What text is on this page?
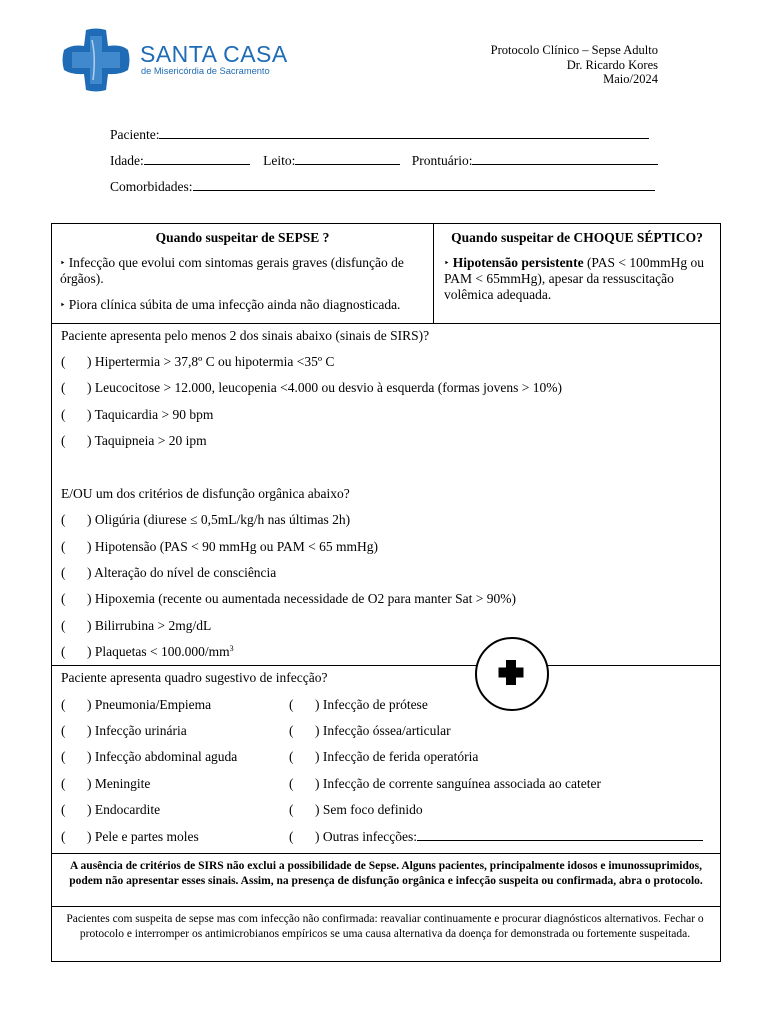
SANTA CASA
de Misericórdia de Sacramento
Protocolo Clínico – Sepse Adulto
Dr. Ricardo Kores
Maio/2024
Paciente:
Idade:	Leito:	Prontuário:
Comorbidades:
Quando suspeitar de SEPSE ?
‣ Infecção que evolui com sintomas gerais graves (disfunção de órgãos).
‣ Piora clínica súbita de uma infecção ainda não diagnosticada.
Quando suspeitar de CHOQUE SÉPTICO?
‣ Hipotensão persistente (PAS < 100mmHg ou PAM < 65mmHg), apesar da ressuscitação volêmica adequada.
Paciente apresenta pelo menos 2 dos sinais abaixo (sinais de SIRS)?
( ) Hipertermia > 37,8º C ou hipotermia <35º C
( ) Leucocitose > 12.000, leucopenia <4.000 ou desvio à esquerda (formas jovens > 10%)
( ) Taquicardia > 90 bpm
( ) Taquipneia > 20 ipm
E/OU um dos critérios de disfunção orgânica abaixo?
( ) Oligúria (diurese ≤ 0,5mL/kg/h nas últimas 2h)
( ) Hipotensão (PAS < 90 mmHg ou PAM < 65 mmHg)
( ) Alteração do nível de consciência
( ) Hipoxemia (recente ou aumentada necessidade de O2 para manter Sat > 90%)
( ) Bilirrubina > 2mg/dL
( ) Plaquetas < $100.000/mm^3$
Paciente apresenta quadro sugestivo de infecção?
( ) Pneumonia/Empiema
( ) Infecção urinária
( ) Infecção abdominal aguda
( ) Meningite
( ) Endocardite
( ) Pele e partes moles
( ) Infecção de prótese
( ) Infecção óssea/articular
( ) Infecção de ferida operatória
( ) Infecção de corrente sanguínea associada ao cateter
( ) Sem foco definido
( ) Outras infecções:
A ausência de critérios de SIRS não exclui a possibilidade de Sepse. Alguns pacientes, principalmente idosos e imunossuprimidos, podem não apresentar esses sinais. Assim, na presença de disfunção orgânica e infecção suspeita ou confirmada, abra o protocolo.
Pacientes com suspeita de sepse mas com infecção não confirmada: reavaliar continuamente e procurar diagnósticos alternativos. Fechar o protocolo e interromper os antimicrobianos empíricos se uma causa alternativa da doença for demonstrada ou fortemente suspeitada.
